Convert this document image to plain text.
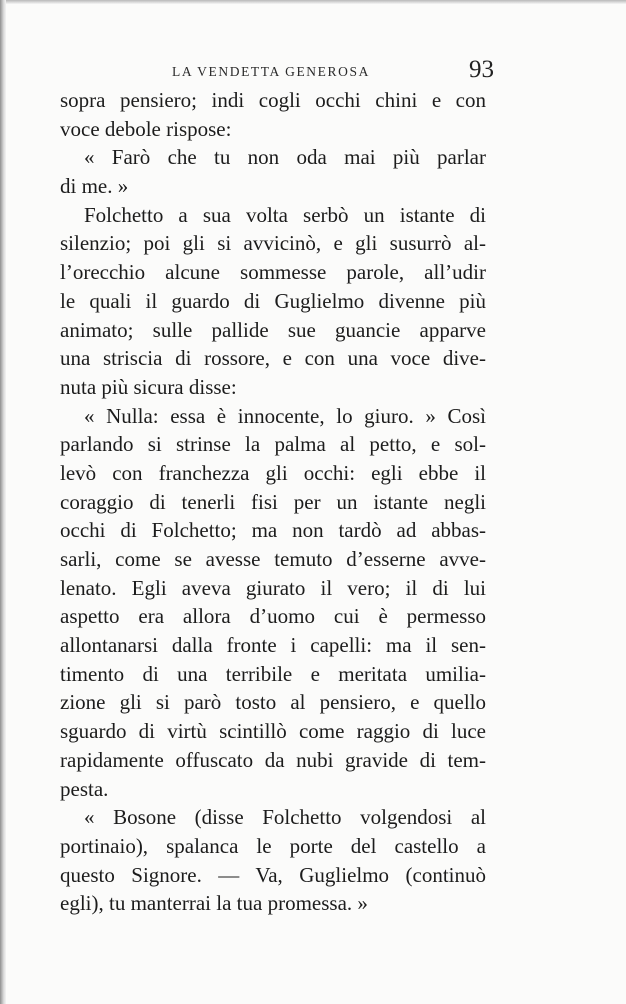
LA VENDETTA GENEROSA	93
sopra pensiero; indi cogli occhi chini e con
voce debole rispose:
« Farò che tu non oda mai più parlar
di me. »
Folchetto a sua volta serbò un istante di
silenzio; poi gli si avvicinò, e gli susurrò al-
l’orecchio alcune sommesse parole, all’udir
le quali il guardo di Guglielmo divenne più
animato; sulle pallide sue guancie apparve
una striscia di rossore, e con una voce dive-
nuta più sicura disse:
« Nulla: essa è innocente, lo giuro. » Così
parlando si strinse la palma al petto, e sol-
levò con franchezza gli occhi: egli ebbe il
coraggio di tenerli fisi per un istante negli
occhi di Folchetto; ma non tardò ad abbas-
sarli, come se avesse temuto d’esserne avve-
lenato. Egli aveva giurato il vero; il di lui
aspetto era allora d’uomo cui è permesso
allontanarsi dalla fronte i capelli: ma il sen-
timento di una terribile e meritata umilia-
zione gli si parò tosto al pensiero, e quello
sguardo di virtù scintillò come raggio di luce
rapidamente offuscato da nubi gravide di tem-
pesta.
« Bosone (disse Folchetto volgendosi al
portinaio), spalanca le porte del castello a
questo Signore. — Va, Guglielmo (continuò
egli), tu manterrai la tua promessa. »
